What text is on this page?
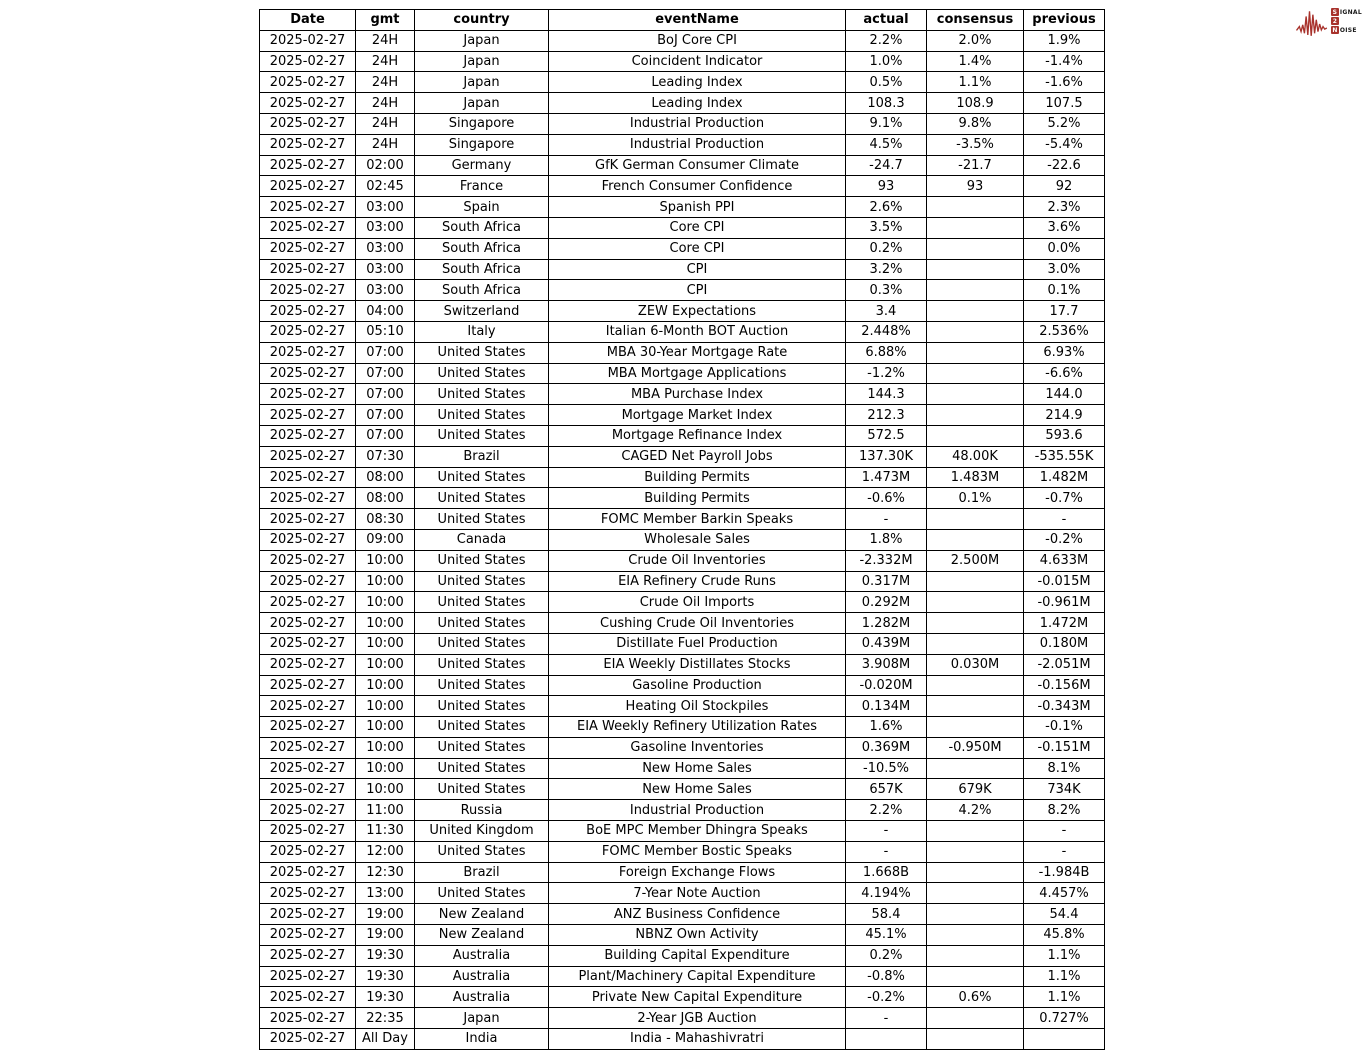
Date	gmt	country	eventName	actual	consensus	previous
2025-02-27	24H	Japan	BoJ Core CPI	2.2%	2.0%	1.9%
2025-02-27	24H	Japan	Coincident Indicator	1.0%	1.4%	-1.4%
2025-02-27	24H	Japan	Leading Index	0.5%	1.1%	-1.6%
2025-02-27	24H	Japan	Leading Index	108.3	108.9	107.5
2025-02-27	24H	Singapore	Industrial Production	9.1%	9.8%	5.2%
2025-02-27	24H	Singapore	Industrial Production	4.5%	-3.5%	-5.4%
2025-02-27	02:00	Germany	GfK German Consumer Climate	-24.7	-21.7	-22.6
2025-02-27	02:45	France	French Consumer Confidence	93	93	92
2025-02-27	03:00	Spain	Spanish PPI	2.6%		2.3%
2025-02-27	03:00	South Africa	Core CPI	3.5%		3.6%
2025-02-27	03:00	South Africa	Core CPI	0.2%		0.0%
2025-02-27	03:00	South Africa	CPI	3.2%		3.0%
2025-02-27	03:00	South Africa	CPI	0.3%		0.1%
2025-02-27	04:00	Switzerland	ZEW Expectations	3.4		17.7
2025-02-27	05:10	Italy	Italian 6-Month BOT Auction	2.448%		2.536%
2025-02-27	07:00	United States	MBA 30-Year Mortgage Rate	6.88%		6.93%
2025-02-27	07:00	United States	MBA Mortgage Applications	-1.2%		-6.6%
2025-02-27	07:00	United States	MBA Purchase Index	144.3		144.0
2025-02-27	07:00	United States	Mortgage Market Index	212.3		214.9
2025-02-27	07:00	United States	Mortgage Refinance Index	572.5		593.6
2025-02-27	07:30	Brazil	CAGED Net Payroll Jobs	137.30K	48.00K	-535.55K
2025-02-27	08:00	United States	Building Permits	1.473M	1.483M	1.482M
2025-02-27	08:00	United States	Building Permits	-0.6%	0.1%	-0.7%
2025-02-27	08:30	United States	FOMC Member Barkin Speaks	-		-
2025-02-27	09:00	Canada	Wholesale Sales	1.8%		-0.2%
2025-02-27	10:00	United States	Crude Oil Inventories	-2.332M	2.500M	4.633M
2025-02-27	10:00	United States	EIA Refinery Crude Runs	0.317M		-0.015M
2025-02-27	10:00	United States	Crude Oil Imports	0.292M		-0.961M
2025-02-27	10:00	United States	Cushing Crude Oil Inventories	1.282M		1.472M
2025-02-27	10:00	United States	Distillate Fuel Production	0.439M		0.180M
2025-02-27	10:00	United States	EIA Weekly Distillates Stocks	3.908M	0.030M	-2.051M
2025-02-27	10:00	United States	Gasoline Production	-0.020M		-0.156M
2025-02-27	10:00	United States	Heating Oil Stockpiles	0.134M		-0.343M
2025-02-27	10:00	United States	EIA Weekly Refinery Utilization Rates	1.6%		-0.1%
2025-02-27	10:00	United States	Gasoline Inventories	0.369M	-0.950M	-0.151M
2025-02-27	10:00	United States	New Home Sales	-10.5%		8.1%
2025-02-27	10:00	United States	New Home Sales	657K	679K	734K
2025-02-27	11:00	Russia	Industrial Production	2.2%	4.2%	8.2%
2025-02-27	11:30	United Kingdom	BoE MPC Member Dhingra Speaks	-		-
2025-02-27	12:00	United States	FOMC Member Bostic Speaks	-		-
2025-02-27	12:30	Brazil	Foreign Exchange Flows	1.668B		-1.984B
2025-02-27	13:00	United States	7-Year Note Auction	4.194%		4.457%
2025-02-27	19:00	New Zealand	ANZ Business Confidence	58.4		54.4
2025-02-27	19:00	New Zealand	NBNZ Own Activity	45.1%		45.8%
2025-02-27	19:30	Australia	Building Capital Expenditure	0.2%		1.1%
2025-02-27	19:30	Australia	Plant/Machinery Capital Expenditure	-0.8%		1.1%
2025-02-27	19:30	Australia	Private New Capital Expenditure	-0.2%	0.6%	1.1%
2025-02-27	22:35	Japan	2-Year JGB Auction	-		0.727%
2025-02-27	All Day	India	India - Mahashivratri			
S IGNAL
2
N OISE
